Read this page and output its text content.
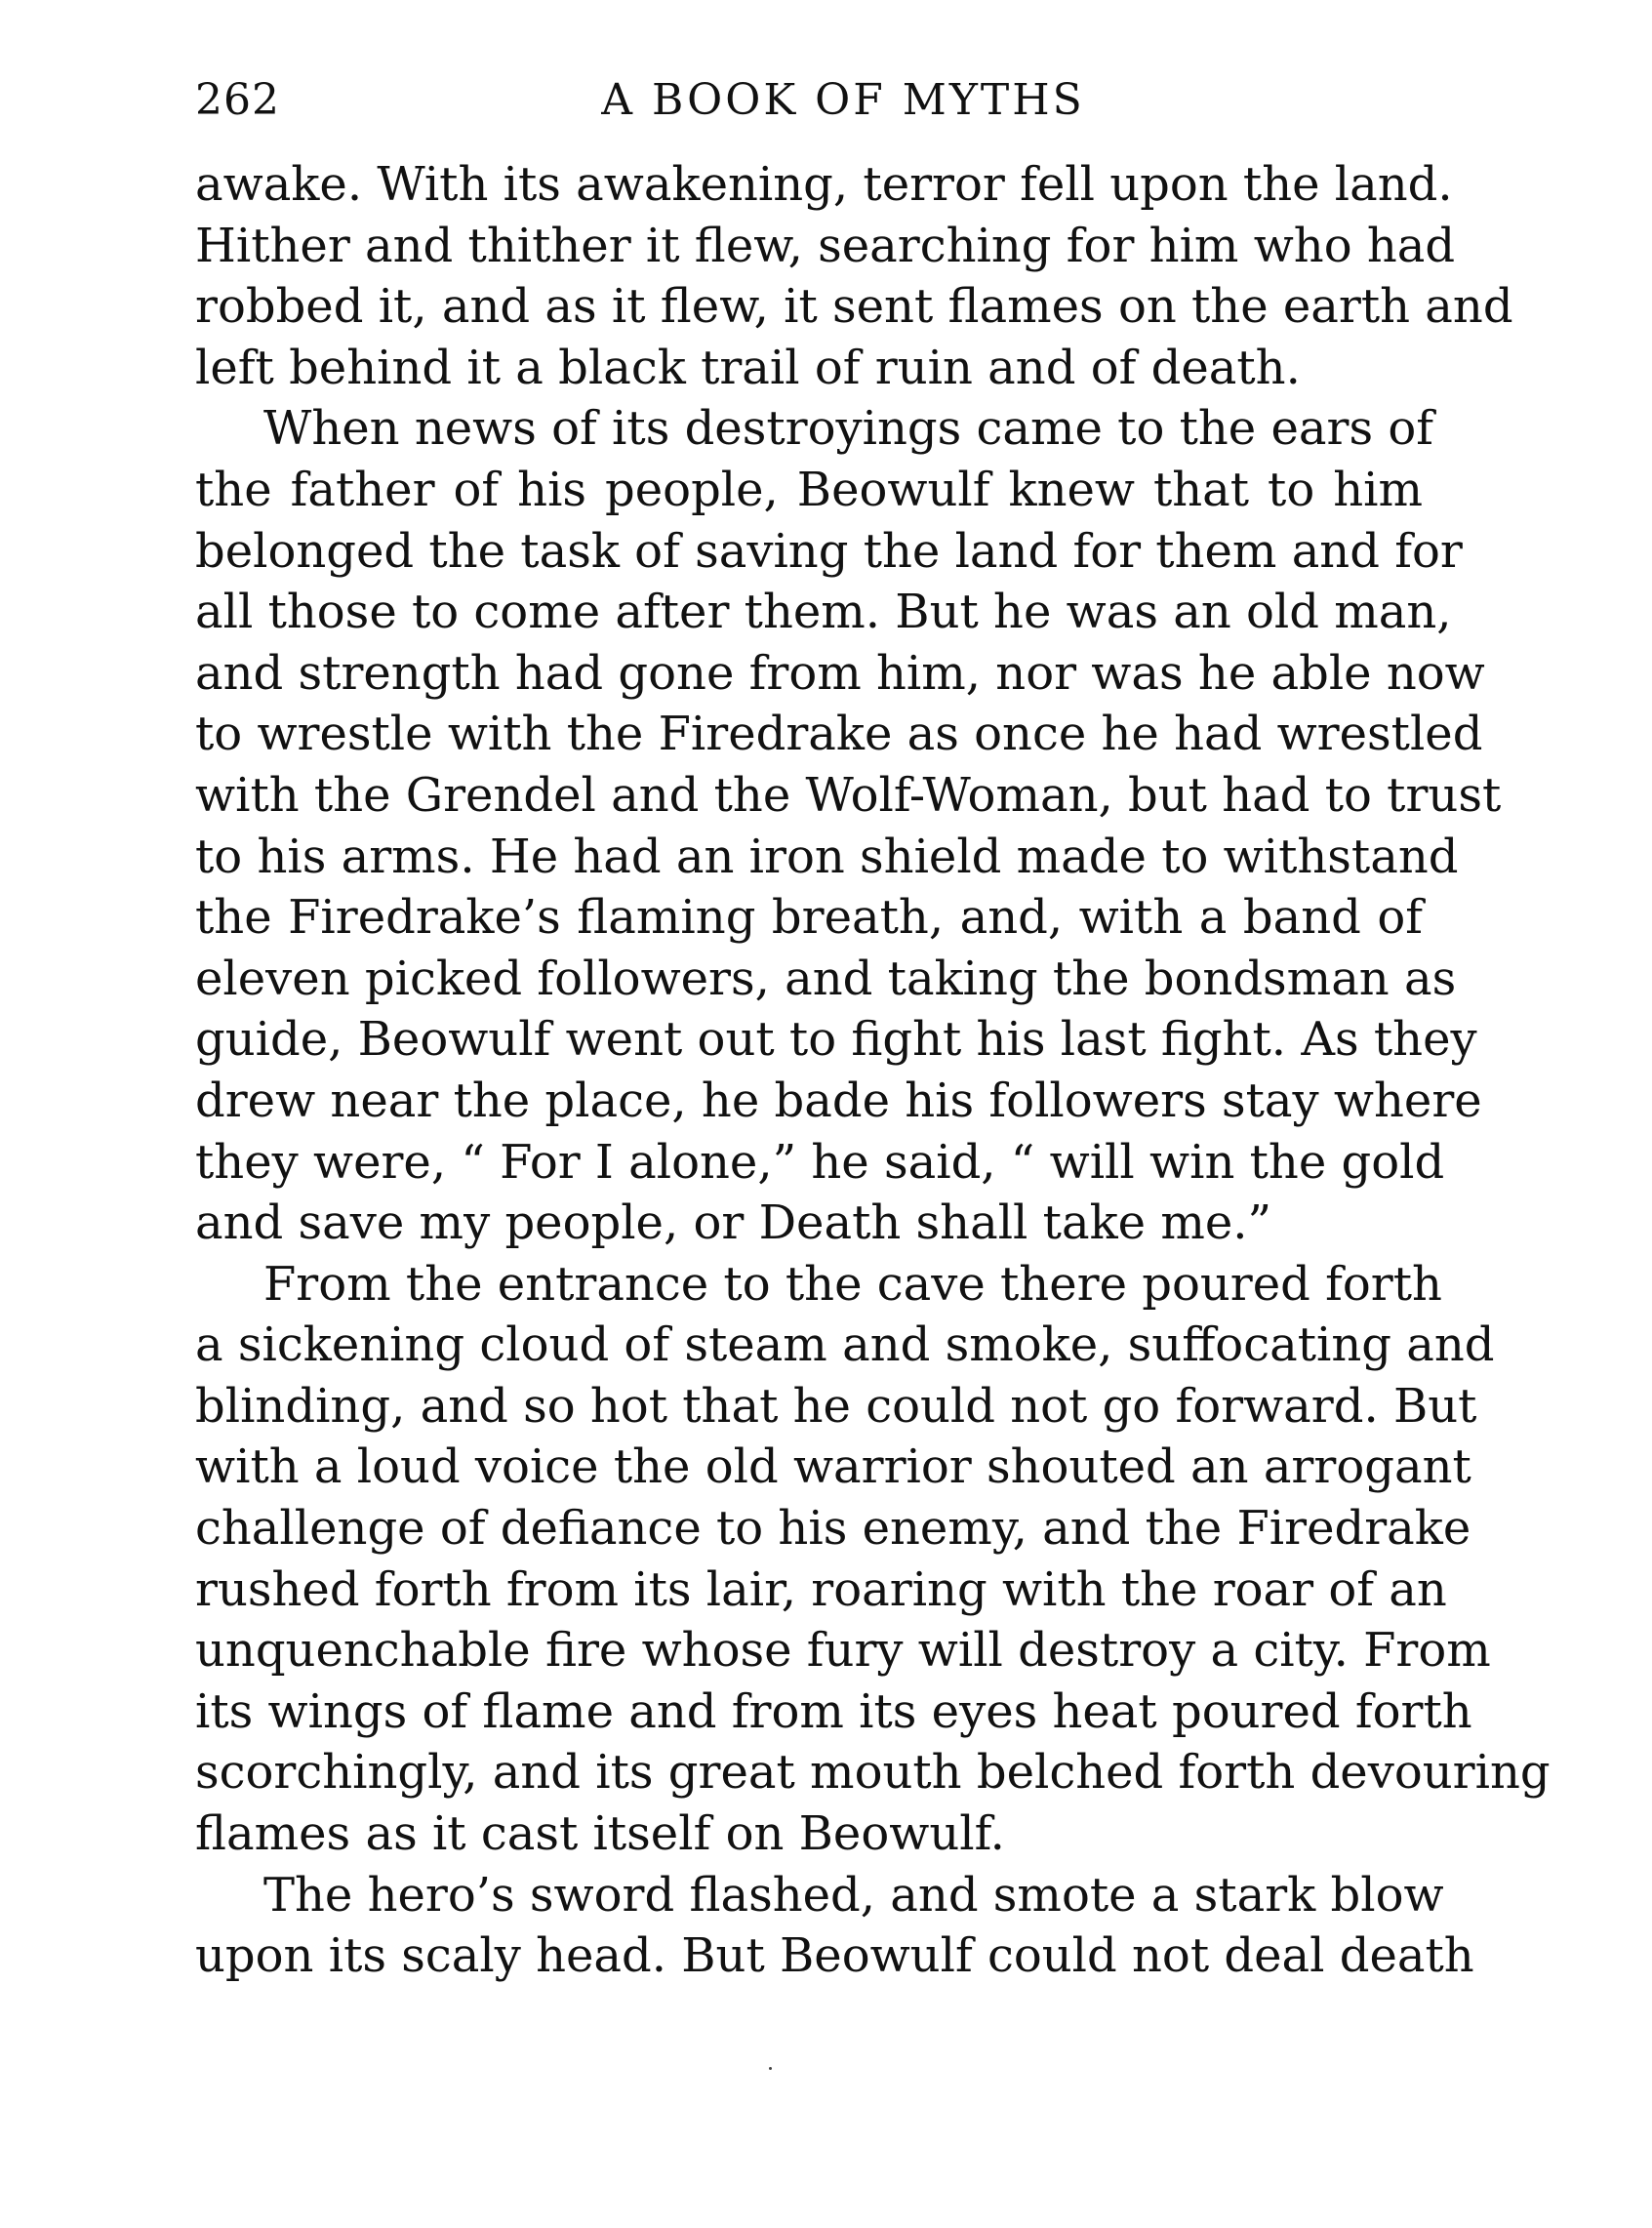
262	A BOOK OF MYTHS
awake. With its awakening, terror fell upon the land.
Hither and thither it flew, searching for him who had
robbed it, and as it flew, it sent flames on the earth and
left behind it a black trail of ruin and of death.
When news of its destroyings came to the ears of
the father of his people, Beowulf knew that to him
belonged the task of saving the land for them and for
all those to come after them. But he was an old man,
and strength had gone from him, nor was he able now
to wrestle with the Firedrake as once he had wrestled
with the Grendel and the Wolf-Woman, but had to trust
to his arms. He had an iron shield made to withstand
the Firedrake’s flaming breath, and, with a band of
eleven picked followers, and taking the bondsman as
guide, Beowulf went out to fight his last fight. As they
drew near the place, he bade his followers stay where
they were, “ For I alone,” he said, “ will win the gold
and save my people, or Death shall take me.”
From the entrance to the cave there poured forth
a sickening cloud of steam and smoke, suffocating and
blinding, and so hot that he could not go forward. But
with a loud voice the old warrior shouted an arrogant
challenge of defiance to his enemy, and the Firedrake
rushed forth from its lair, roaring with the roar of an
unquenchable fire whose fury will destroy a city. From
its wings of flame and from its eyes heat poured forth
scorchingly, and its great mouth belched forth devouring
flames as it cast itself on Beowulf.
The hero’s sword flashed, and smote a stark blow
upon its scaly head. But Beowulf could not deal death
